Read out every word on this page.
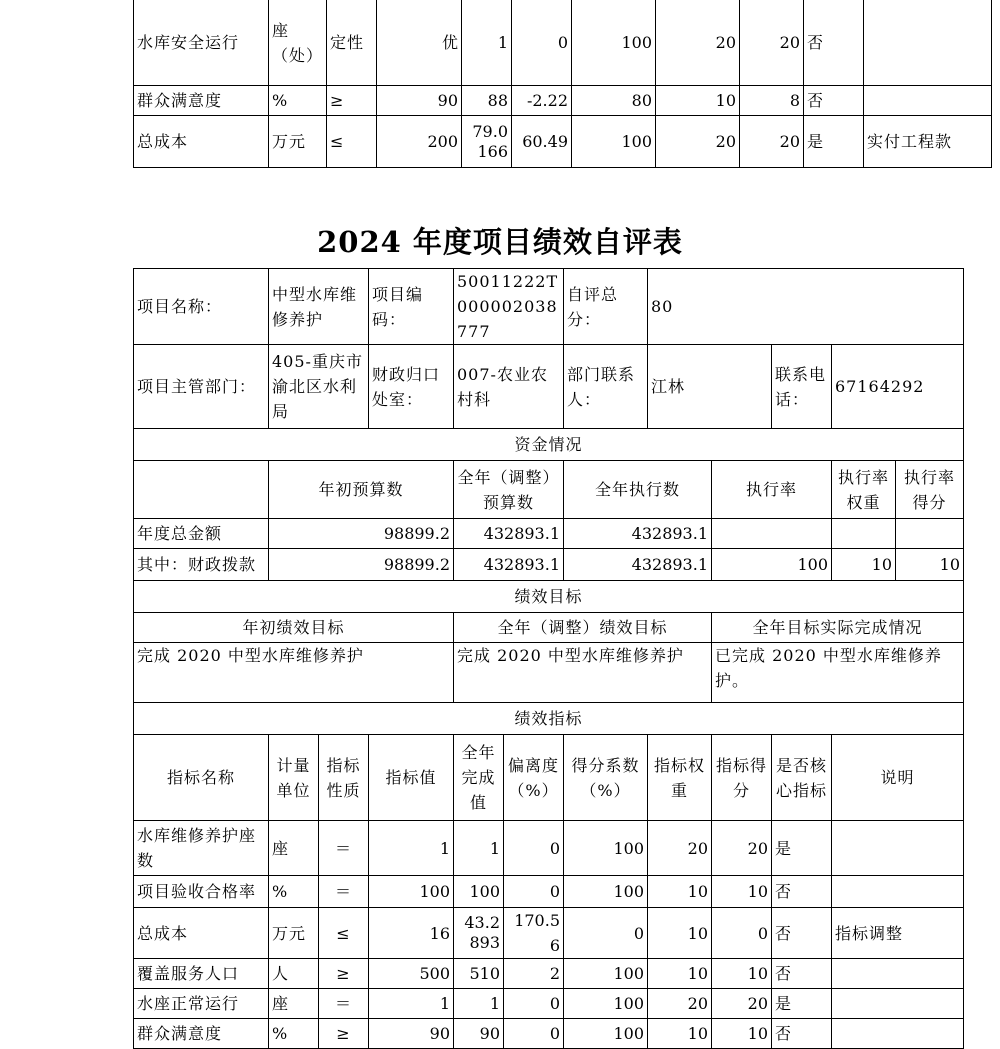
水库安全运行	座（处）	定性	优	1	0	100	20	20	否	
群众满意度	%	≥	90	88	-2.22	80	10	8	否	
总成本	万元	≤	200	79.0166	60.49	100	20	20	是	实付工程款
2024 年度项目绩效自评表
项目名称：	中型水库维修养护		项目编码：	50011222T000002038777		自评总分：	80				
项目主管部门：	405-重庆市渝北区水利局		财政归口处室：	007-农业农村科		部门联系人：	江林		联系电话：	67164292	
资金情况											
	年初预算数			全年（调整）预算数		全年执行数		执行率		执行率权重	执行率得分
年度总金额	98899.2			432893.1		432893.1					
其中：财政拨款	98899.2			432893.1		432893.1		100		10	10
绩效目标											
年初绩效目标				全年（调整）绩效目标				全年目标实际完成情况			
完成 2020 中型水库维修养护				完成 2020 中型水库维修养护				已完成 2020 中型水库维修养护。			
绩效指标											
指标名称	计量单位	指标性质	指标值	全年完成值	偏离度（%）	得分系数（%）	指标权重	指标得分	是否核心指标	说明	
水库维修养护座数	座	＝	1	1	0	100	20	20	是		
项目验收合格率	%	＝	100	100	0	100	10	10	否		
总成本	万元	≤	16	43.2893	170.56	0	10	0	否	指标调整	
覆盖服务人口	人	≥	500	510	2	100	10	10	否		
水座正常运行	座	＝	1	1	0	100	20	20	是		
群众满意度	%	≥	90	90	0	100	10	10	否		
